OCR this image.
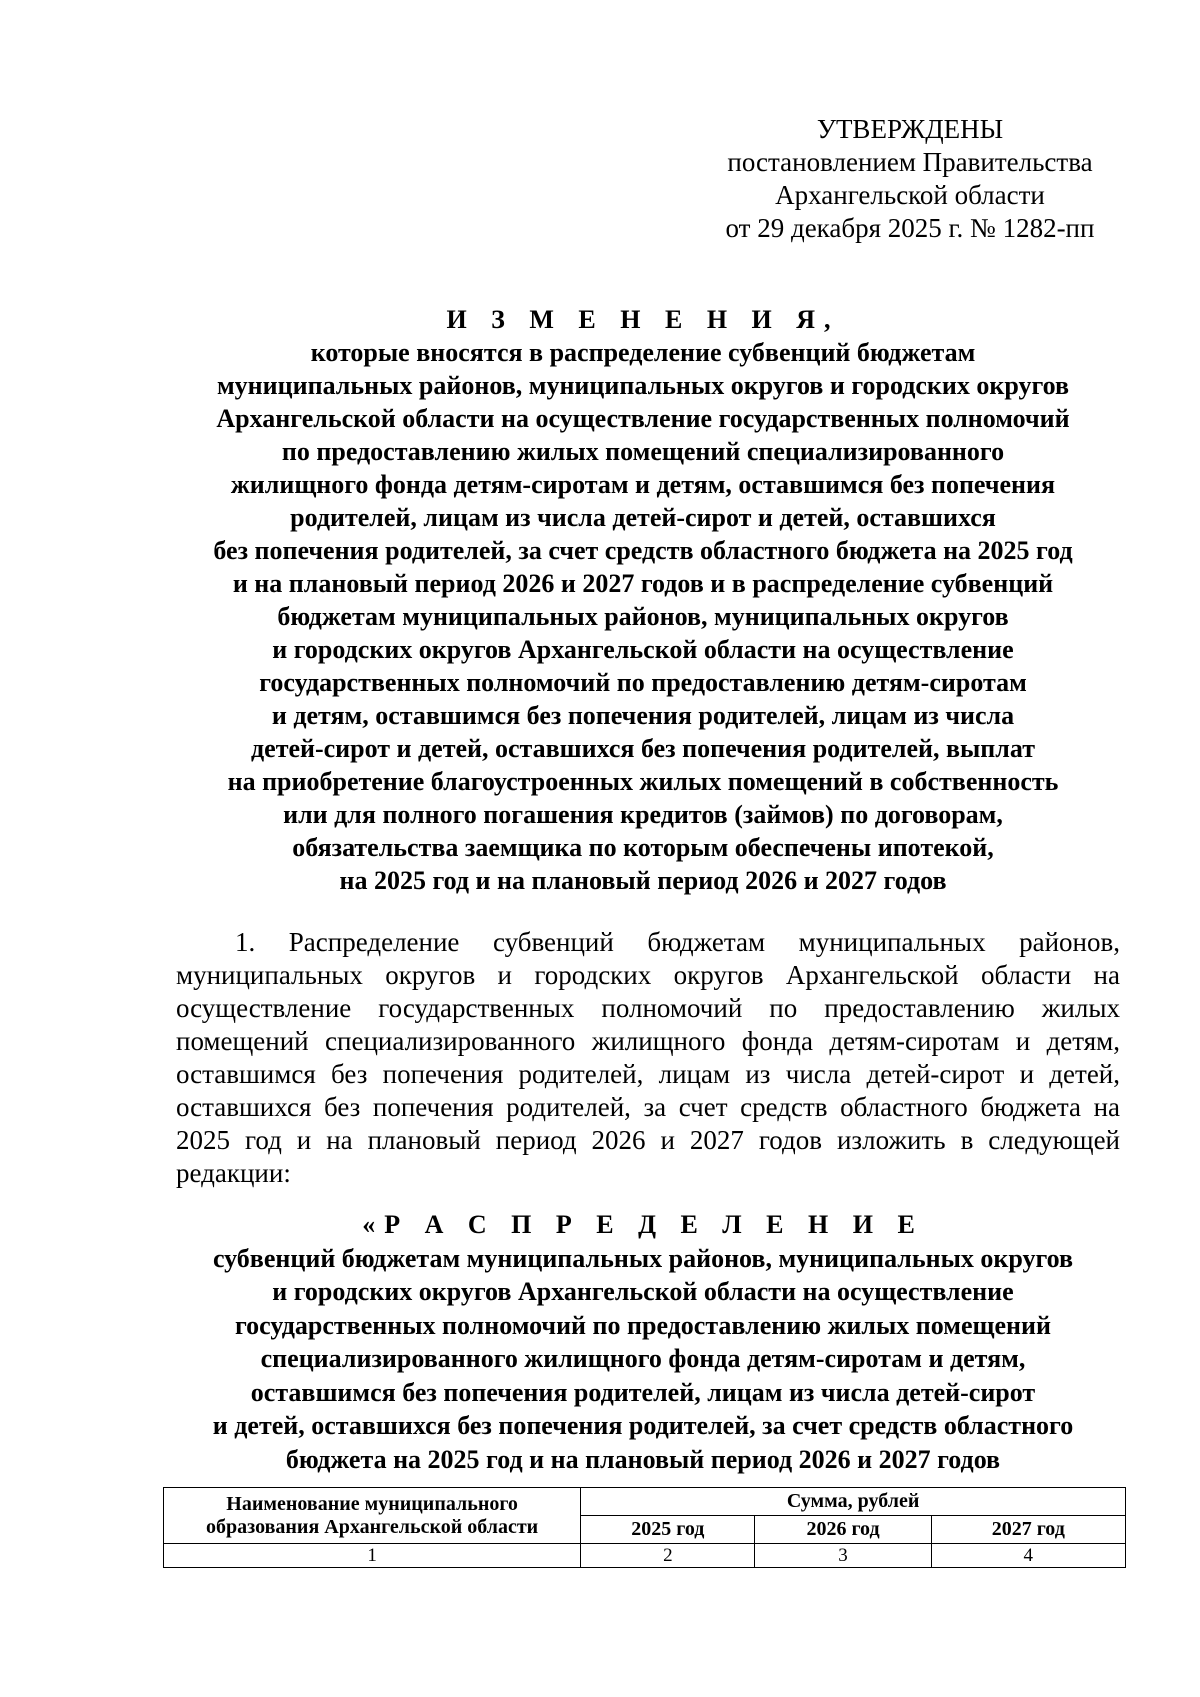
УТВЕРЖДЕНЫ
постановлением Правительства
Архангельской области
от 29 декабря 2025 г. № 1282-пп
И З М Е Н Е Н И Я,
которые вносятся в распределение субвенций бюджетам
муниципальных районов, муниципальных округов и городских округов
Архангельской области на осуществление государственных полномочий
по предоставлению жилых помещений специализированного
жилищного фонда детям-сиротам и детям, оставшимся без попечения
родителей, лицам из числа детей-сирот и детей, оставшихся
без попечения родителей, за счет средств областного бюджета на 2025 год
и на плановый период 2026 и 2027 годов и в распределение субвенций
бюджетам муниципальных районов, муниципальных округов
и городских округов Архангельской области на осуществление
государственных полномочий по предоставлению детям-сиротам
и детям, оставшимся без попечения родителей, лицам из числа
детей-сирот и детей, оставшихся без попечения родителей, выплат
на приобретение благоустроенных жилых помещений в собственность
или для полного погашения кредитов (займов) по договорам,
обязательства заемщика по которым обеспечены ипотекой,
на 2025 год и на плановый период 2026 и 2027 годов
1. Распределение субвенций бюджетам муниципальных районов, муниципальных округов и городских округов Архангельской области на осуществление государственных полномочий по предоставлению жилых помещений специализированного жилищного фонда детям-сиротам и детям, оставшимся без попечения родителей, лицам из числа детей-сирот и детей, оставшихся без попечения родителей, за счет средств областного бюджета на 2025 год и на плановый период 2026 и 2027 годов изложить в следующей редакции:
«Р А С П Р Е Д Е Л Е Н И Е
субвенций бюджетам муниципальных районов, муниципальных округов
и городских округов Архангельской области на осуществление
государственных полномочий по предоставлению жилых помещений
специализированного жилищного фонда детям-сиротам и детям,
оставшимся без попечения родителей, лицам из числа детей-сирот
и детей, оставшихся без попечения родителей, за счет средств областного
бюджета на 2025 год и на плановый период 2026 и 2027 годов
Наименование муниципального
образования Архангельской области	Сумма, рублей		
	2025 год	2026 год	2027 год
1	2	3	4
